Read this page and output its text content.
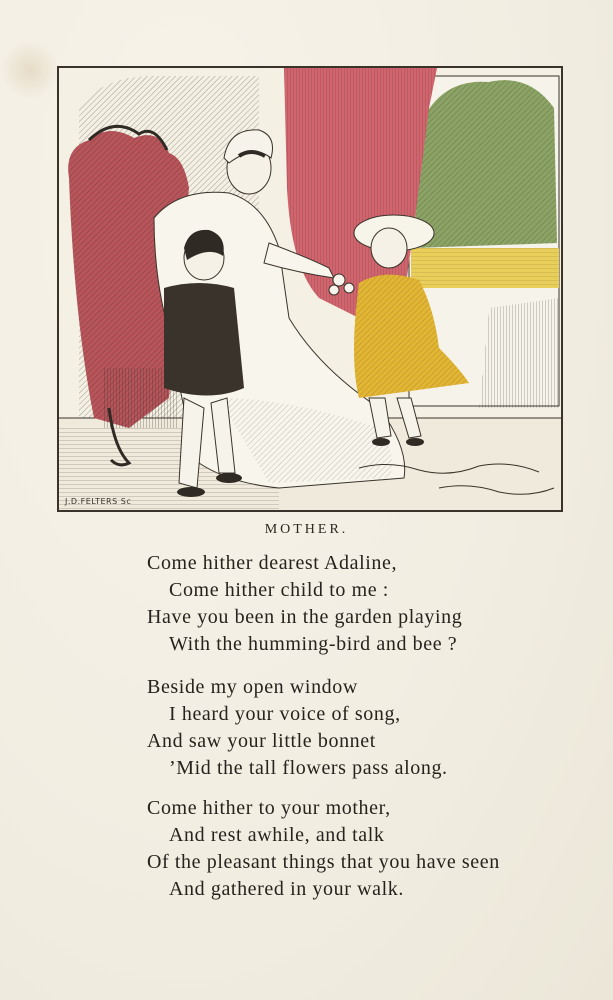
J.D.FELTERS Sc
MOTHER.
Come hither dearest Adaline,
Come hither child to me :
Have you been in the garden playing
With the humming-bird and bee ?
Beside my open window
I heard your voice of song,
And saw your little bonnet
’Mid the tall flowers pass along.
Come hither to your mother,
And rest awhile, and talk
Of the pleasant things that you have seen
And gathered in your walk.
